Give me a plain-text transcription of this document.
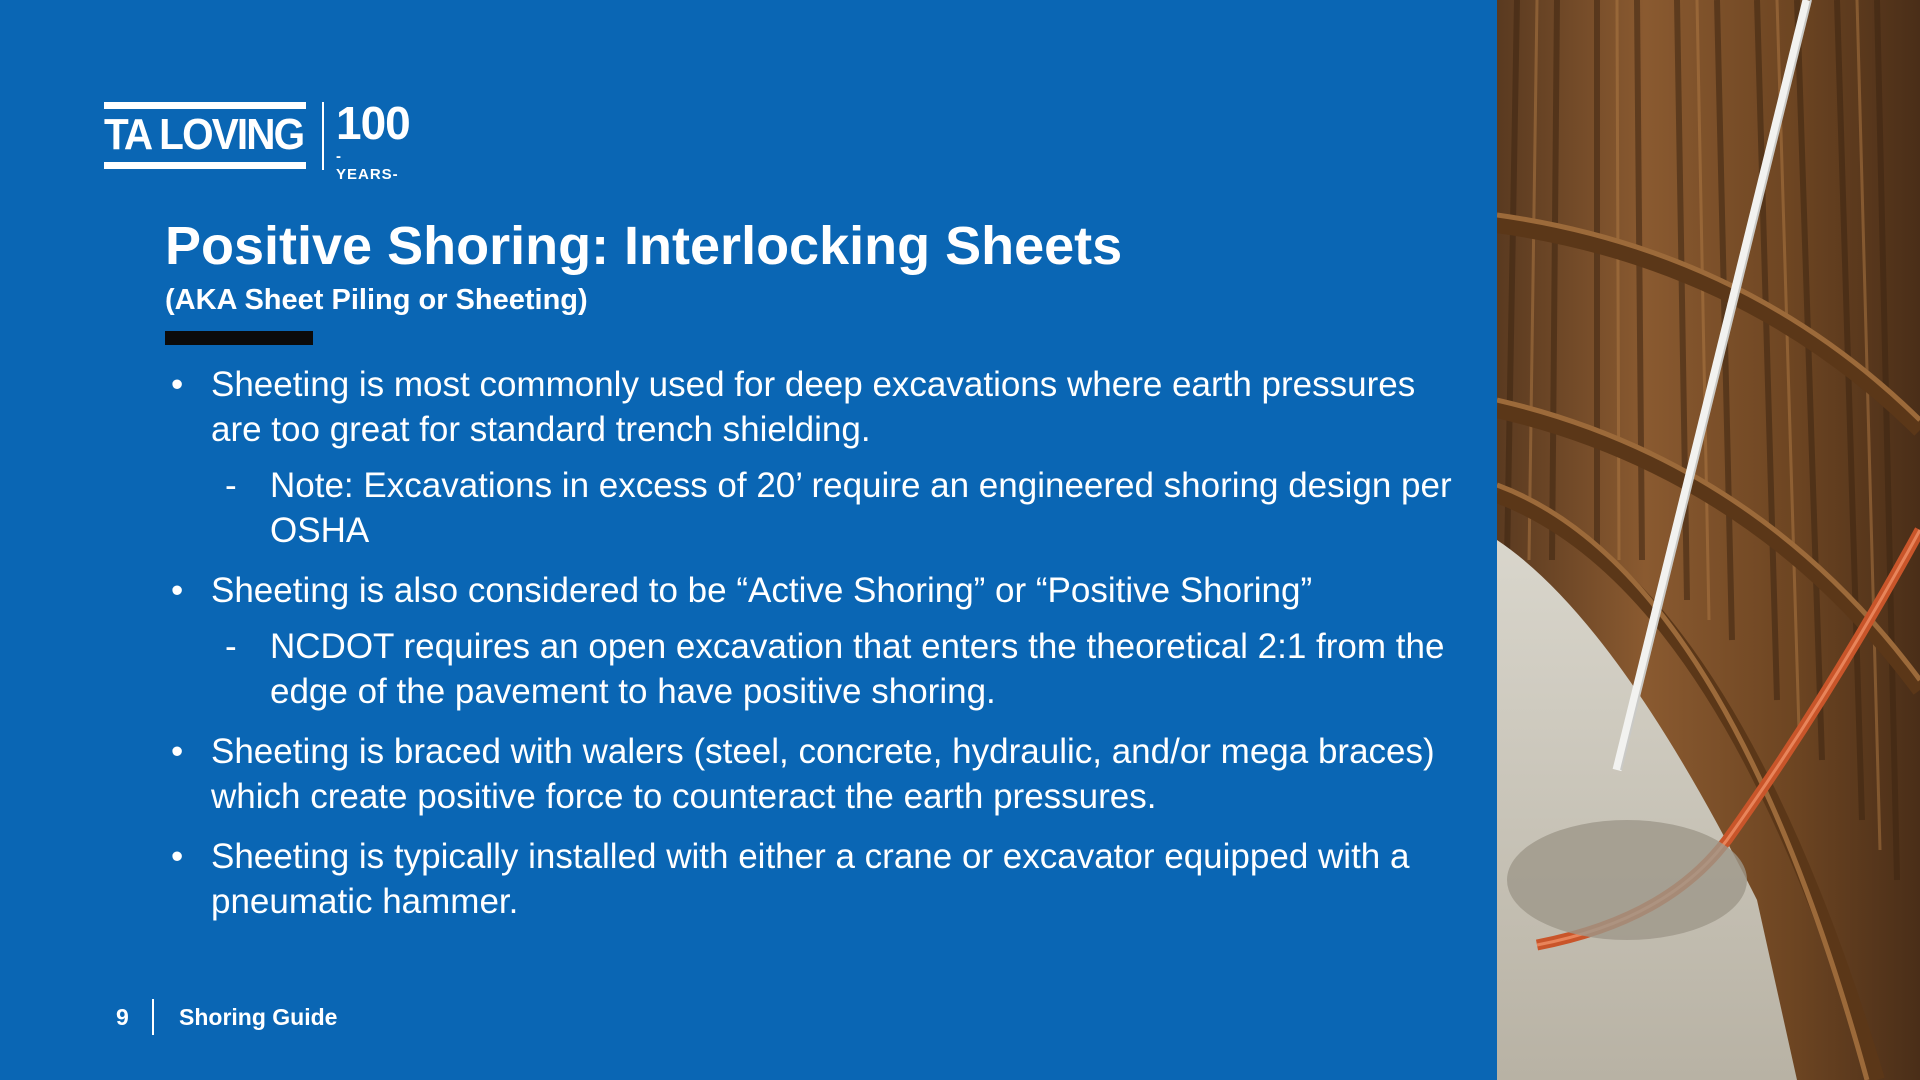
TA LOVING 100
-YEARS-
Positive Shoring: Interlocking Sheets
(AKA Sheet Piling or Sheeting)
• Sheeting is most commonly used for deep excavations where earth pressures are too great for standard trench shielding.
- Note: Excavations in excess of 20’ require an engineered shoring design per OSHA
• Sheeting is also considered to be “Active Shoring” or “Positive Shoring”
- NCDOT requires an open excavation that enters the theoretical 2:1 from the edge of the pavement to have positive shoring.
• Sheeting is braced with walers (steel, concrete, hydraulic, and/or mega braces) which create positive force to counteract the earth pressures.
• Sheeting is typically installed with either a crane or excavator equipped with a pneumatic hammer.
9 Shoring Guide
